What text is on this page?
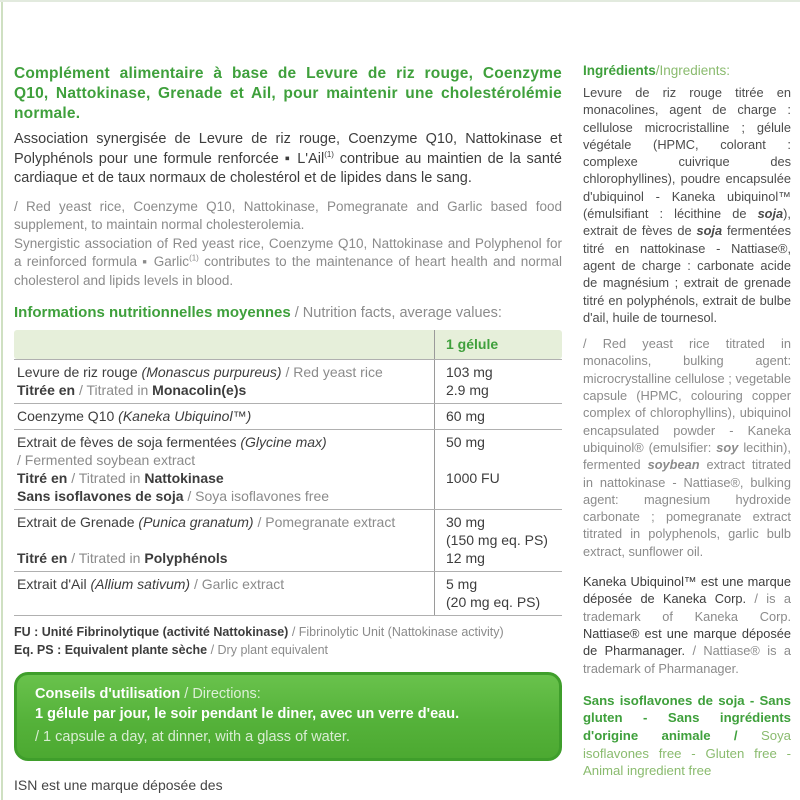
Complément alimentaire à base de Levure de riz rouge, Coenzyme Q10, Nattokinase, Grenade et Ail, pour maintenir une cholestérolémie normale.

Association synergisée de Levure de riz rouge, Coenzyme Q10, Nattokinase et Polyphénols pour une formule renforcée ▪ L'Ail$^{(1)}$ contribue au maintien de la santé cardiaque et de taux normaux de cholestérol et de lipides dans le sang.

/ Red yeast rice, Coenzyme Q10, Nattokinase, Pomegranate and Garlic based food supplement, to maintain normal cholesterolemia.

Synergistic association of Red yeast rice, Coenzyme Q10, Nattokinase and Polyphenol for a reinforced formula ▪ Garlic$^{(1)}$ contributes to the maintenance of heart health and normal cholesterol and lipids levels in blood.

Informations nutritionnelles moyennes / Nutrition facts, average values:

1 gélule
Levure de riz rouge (Monascus purpureus) / Red yeast rice
Titrée en / Titrated in Monacolin(e)s
103 mg
2.9 mg
Coenzyme Q10 (Kaneka Ubiquinol™)	60 mg
Extrait de fèves de soja fermentées (Glycine max)
/ Fermented soybean extract
Titré en / Titrated in Nattokinase
Sans isoflavones de soja / Soya isoflavones free
50 mg
1000 FU
Extrait de Grenade (Punica granatum) / Pomegranate extract
Titré en / Titrated in Polyphénols
30 mg
(150 mg eq. PS)
12 mg
Extrait d'Ail (Allium sativum) / Garlic extract	5 mg
(20 mg eq. PS)

FU : Unité Fibrinolytique (activité Nattokinase) / Fibrinolytic Unit (Nattokinase activity)

Eq. PS : Equivalent plante sèche / Dry plant equivalent

Conseils d'utilisation / Directions:

1 gélule par jour, le soir pendant le diner, avec un verre d'eau.

/ 1 capsule a day, at dinner, with a glass of water.

ISN est une marque déposée des

Ingrédients/Ingredients:

Levure de riz rouge titrée en monacolines, agent de charge : cellulose microcristalline ; gélule végétale (HPMC, colorant : complexe cuivrique des chlorophyllines), poudre encapsulée d'ubiquinol - Kaneka ubiquinol™ (émulsifiant : lécithine de soja), extrait de fèves de soja fermentées titré en nattokinase - Nattiase®, agent de charge : carbonate acide de magnésium ; extrait de grenade titré en polyphénols, extrait de bulbe d'ail, huile de tournesol.

/ Red yeast rice titrated in monacolins, bulking agent: microcrystalline cellulose ; vegetable capsule (HPMC, colouring copper complex of chlorophyllins), ubiquinol encapsulated powder - Kaneka ubiquinol® (emulsifier: soy lecithin), fermented soybean extract titrated in nattokinase - Nattiase®, bulking agent: magnesium hydroxide carbonate ; pomegranate extract titrated in polyphenols, garlic bulb extract, sunflower oil.

Kaneka Ubiquinol™ est une marque déposée de Kaneka Corp. / is a trademark of Kaneka Corp. Nattiase® est une marque déposée de Pharmanager. / Nattiase® is a trademark of Pharmanager.

Sans isoflavones de soja - Sans gluten - Sans ingrédients d'origine animale / Soya isoflavones free - Gluten free - Animal ingredient free
